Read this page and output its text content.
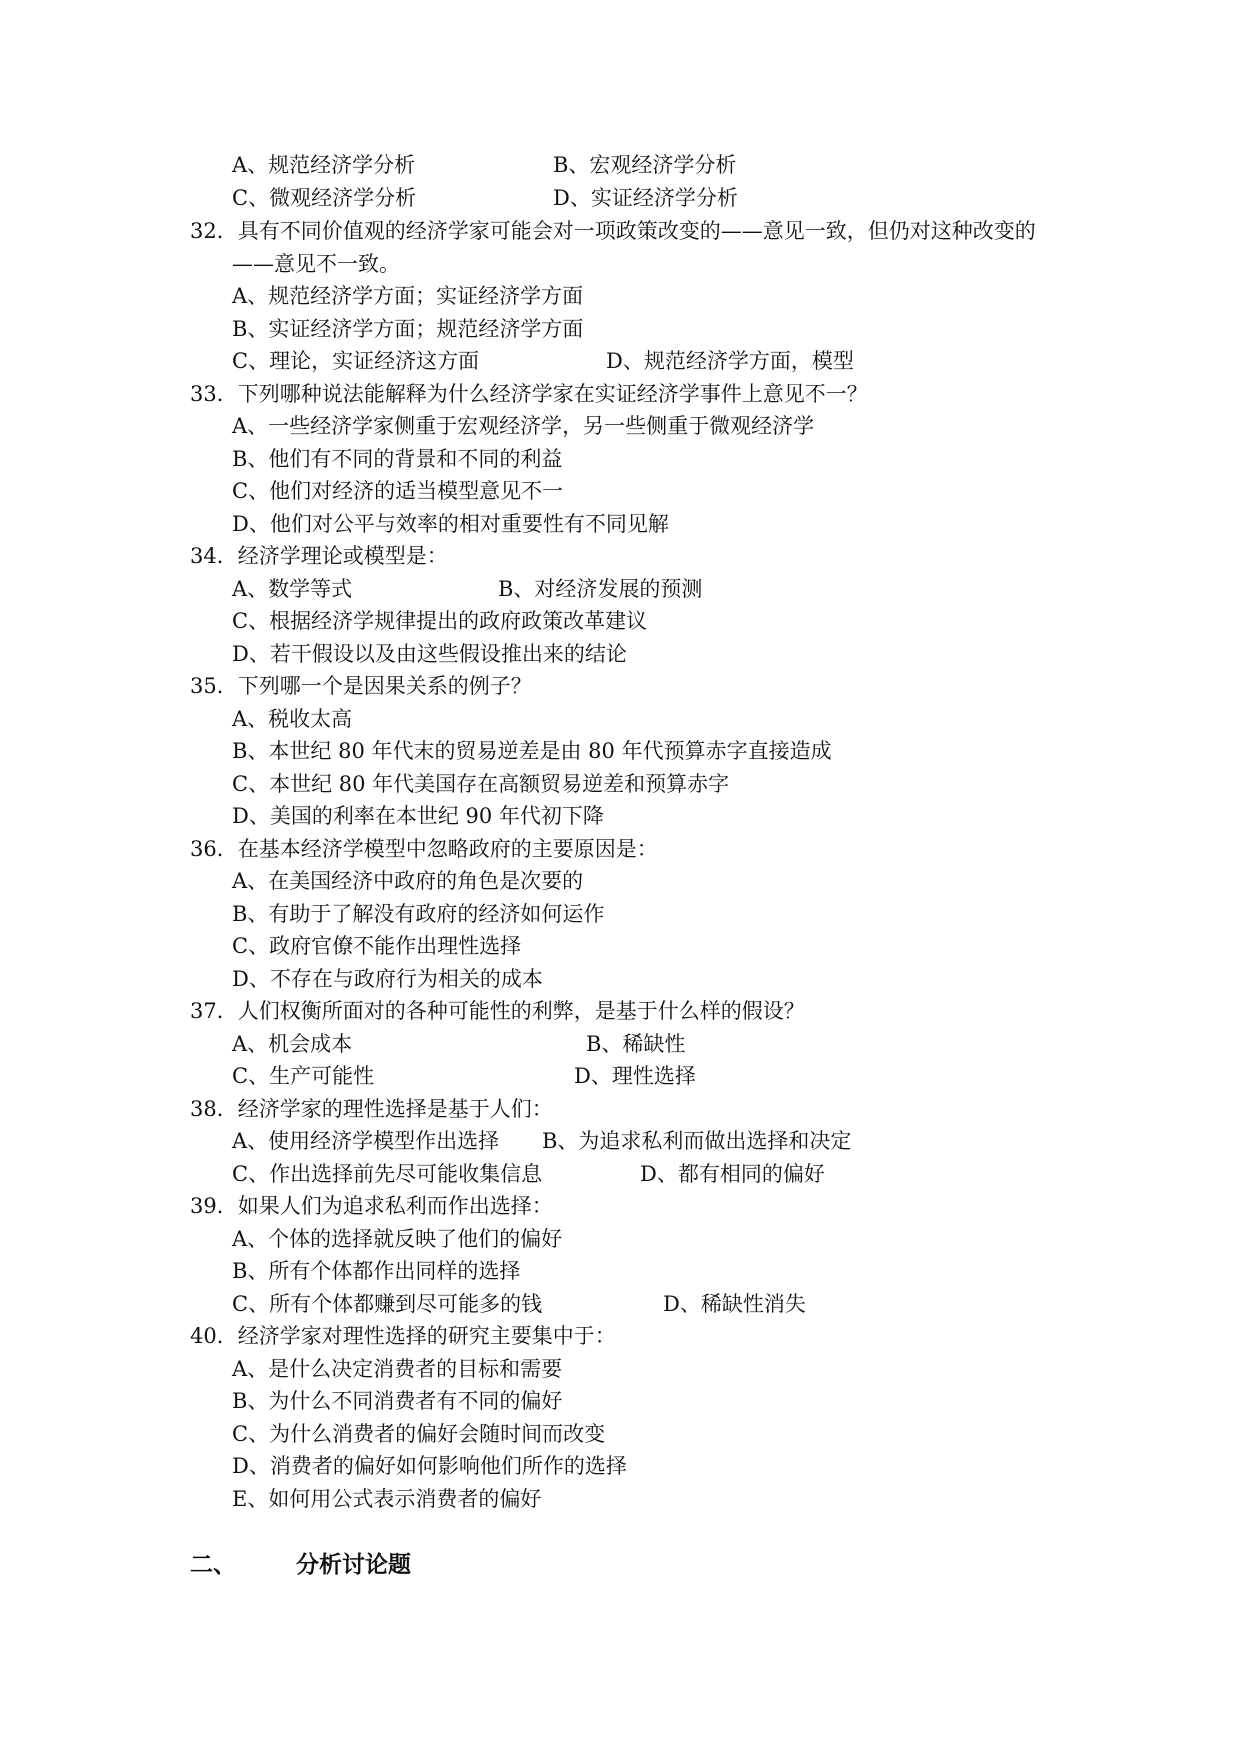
A、规范经济学分析	B、宏观经济学分析
C、微观经济学分析	D、实证经济学分析
32．具有不同价值观的经济学家可能会对一项政策改变的——意见一致，但仍对这种改变的
——意见不一致。
A、规范经济学方面；实证经济学方面
B、实证经济学方面；规范经济学方面
C、理论，实证经济这方面	D、规范经济学方面，模型
33．下列哪种说法能解释为什么经济学家在实证经济学事件上意见不一？
A、一些经济学家侧重于宏观经济学，另一些侧重于微观经济学
B、他们有不同的背景和不同的利益
C、他们对经济的适当模型意见不一
D、他们对公平与效率的相对重要性有不同见解
34．经济学理论或模型是：
A、数学等式	B、对经济发展的预测
C、根据经济学规律提出的政府政策改革建议
D、若干假设以及由这些假设推出来的结论
35．下列哪一个是因果关系的例子？
A、税收太高
B、本世纪 80 年代末的贸易逆差是由 80 年代预算赤字直接造成
C、本世纪 80 年代美国存在高额贸易逆差和预算赤字
D、美国的利率在本世纪 90 年代初下降
36．在基本经济学模型中忽略政府的主要原因是：
A、在美国经济中政府的角色是次要的
B、有助于了解没有政府的经济如何运作
C、政府官僚不能作出理性选择
D、不存在与政府行为相关的成本
37．人们权衡所面对的各种可能性的利弊，是基于什么样的假设？
A、机会成本	B、稀缺性
C、生产可能性	D、理性选择
38．经济学家的理性选择是基于人们：
A、使用经济学模型作出选择 B、为追求私利而做出选择和决定
C、作出选择前先尽可能收集信息	D、都有相同的偏好
39．如果人们为追求私利而作出选择：
A、个体的选择就反映了他们的偏好
B、所有个体都作出同样的选择
C、所有个体都赚到尽可能多的钱	D、稀缺性消失
40．经济学家对理性选择的研究主要集中于：
A、是什么决定消费者的目标和需要
B、为什么不同消费者有不同的偏好
C、为什么消费者的偏好会随时间而改变
D、消费者的偏好如何影响他们所作的选择
E、如何用公式表示消费者的偏好
二、	分析讨论题
